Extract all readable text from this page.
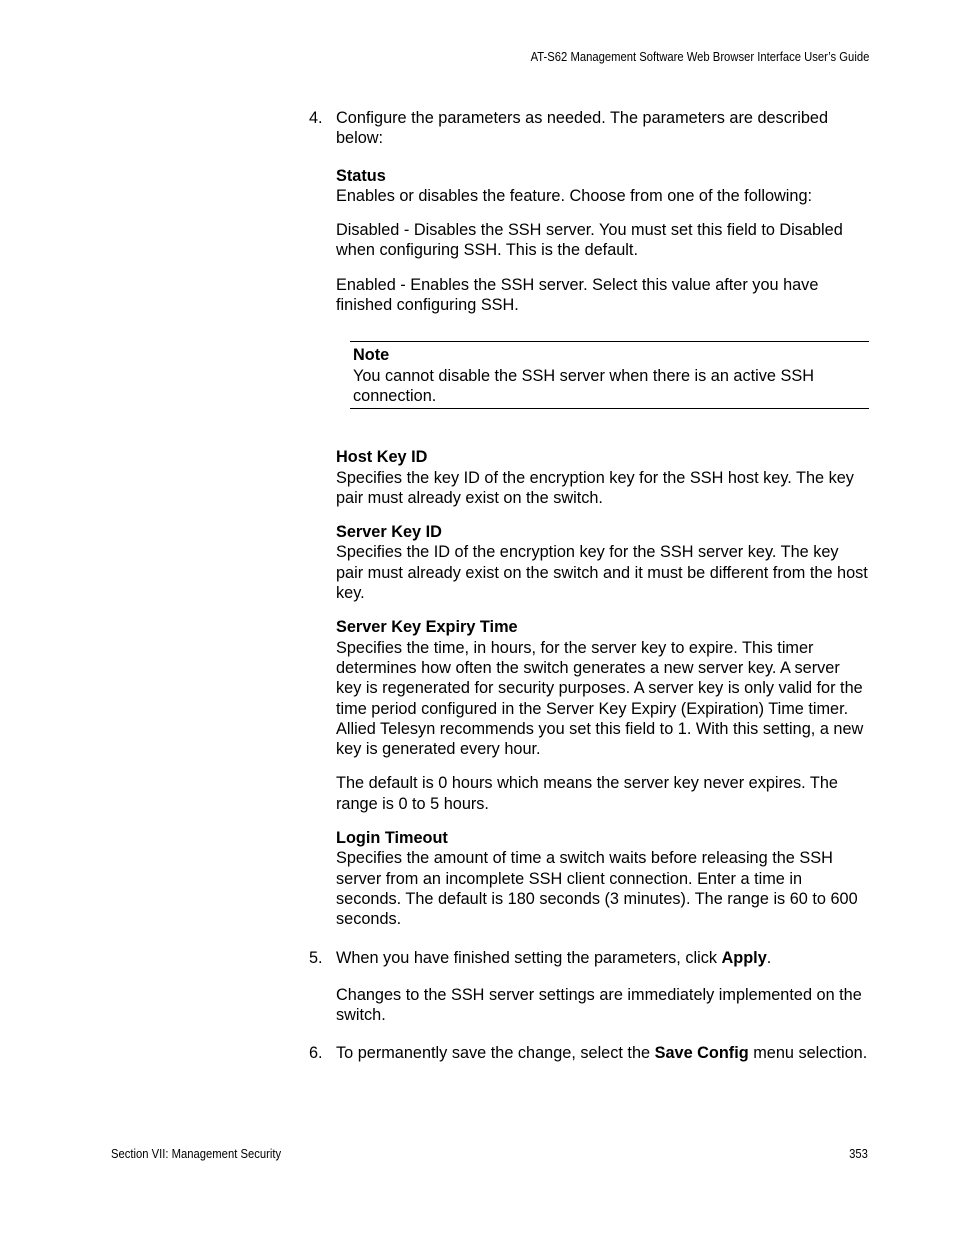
AT-S62 Management Software Web Browser Interface User’s Guide
4. Configure the parameters as needed. The parameters are described below:

Status

Enables or disables the feature. Choose from one of the following:

Disabled - Disables the SSH server. You must set this field to Disabled when configuring SSH. This is the default.

Enabled - Enables the SSH server. Select this value after you have finished configuring SSH.

Note

You cannot disable the SSH server when there is an active SSH connection.

Host Key ID

Specifies the key ID of the encryption key for the SSH host key. The key pair must already exist on the switch.

Server Key ID

Specifies the ID of the encryption key for the SSH server key. The key pair must already exist on the switch and it must be different from the host key.

Server Key Expiry Time

Specifies the time, in hours, for the server key to expire. This timer determines how often the switch generates a new server key. A server key is regenerated for security purposes. A server key is only valid for the time period configured in the Server Key Expiry (Expiration) Time timer. Allied Telesyn recommends you set this field to 1. With this setting, a new key is generated every hour.

The default is 0 hours which means the server key never expires. The range is 0 to 5 hours.

Login Timeout

Specifies the amount of time a switch waits before releasing the SSH server from an incomplete SSH client connection. Enter a time in seconds. The default is 180 seconds (3 minutes). The range is 60 to 600 seconds.

5. When you have finished setting the parameters, click Apply.

Changes to the SSH server settings are immediately implemented on the switch.

6. To permanently save the change, select the Save Config menu selection.

Section VII: Management Security	353
